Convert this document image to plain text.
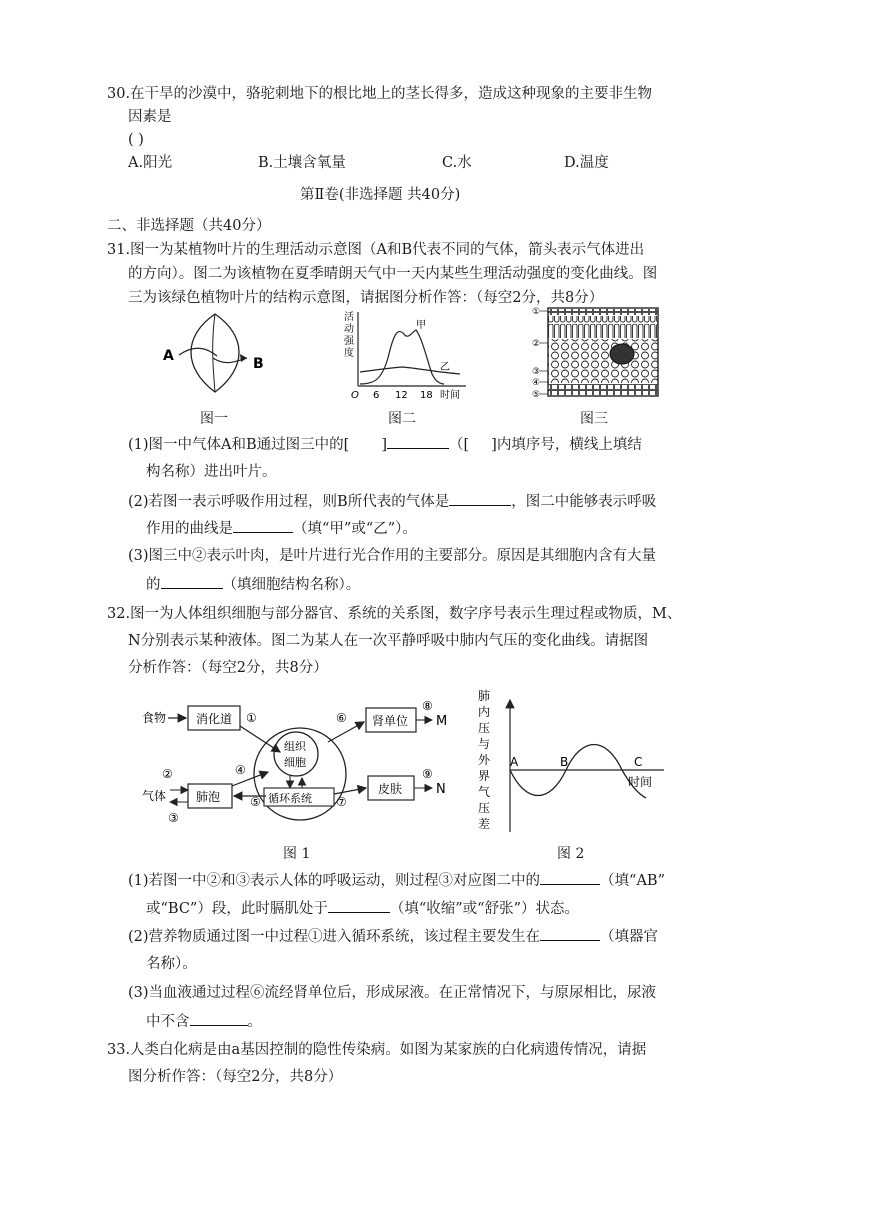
30.在干旱的沙漠中，骆驼刺地下的根比地上的茎长得多，造成这种现象的主要非生物
因素是
( )
A.阳光	B.土壤含氧量	C.水	D.温度
第Ⅱ卷(非选择题 共40分)
二、非选择题（共40分）
31.图一为某植物叶片的生理活动示意图（A和B代表不同的气体，箭头表示气体进出
的方向）。图二为该植物在夏季晴朗天气中一天内某些生理活动强度的变化曲线。图
三为该绿色植物叶片的结构示意图，请据图分析作答：（每空2分，共8分）
A	B
图一
活
动
强
度
甲
乙
O 6 12 18 时间
图二
①
②
③
④
⑤
图三
(1)图一中气体A和B通过图三中的[ ]	（[ ]内填序号，横线上填结
构名称）进出叶片。
(2)若图一表示呼吸作用过程，则B所代表的气体是	，图二中能够表示呼吸
作用的曲线是	（填“甲”或“乙”）。
(3)图三中②表示叶肉，是叶片进行光合作用的主要部分。原因是其细胞内含有大量
的	（填细胞结构名称）。
32.图一为人体组织细胞与部分器官、系统的关系图，数字序号表示生理过程或物质，M、
N分别表示某种液体。图二为某人在一次平静呼吸中肺内气压的变化曲线。请据图
分析作答：（每空2分，共8分）
食物 消化道 ①
组织
细胞
循环系统
④
⑤
肺泡
②
气体
③
⑥ 肾单位
⑧
M
⑦
皮肤
⑨
N
图 1
肺
内
压
与
外
界
气
压
差
A	B	C
时间
图 2
(1)若图一中②和③表示人体的呼吸运动，则过程③对应图二中的	（填“AB”
或“BC”）段，此时膈肌处于	（填“收缩”或“舒张”）状态。
(2)营养物质通过图一中过程①进入循环系统，该过程主要发生在	（填器官
名称）。
(3)当血液通过过程⑥流经肾单位后，形成尿液。在正常情况下，与原尿相比，尿液
中不含	。
33.人类白化病是由a基因控制的隐性传染病。如图为某家族的白化病遗传情况，请据
图分析作答：（每空2分，共8分）
